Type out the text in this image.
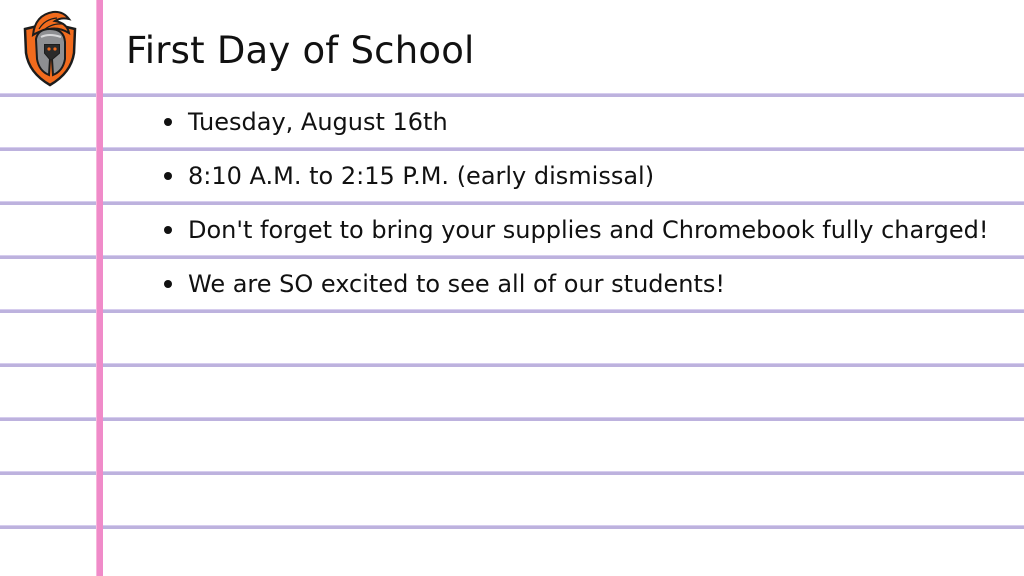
First Day of School
Tuesday, August 16th
8:10 A.M. to 2:15 P.M. (early dismissal)
Don't forget to bring your supplies and Chromebook fully charged!
We are SO excited to see all of our students!
